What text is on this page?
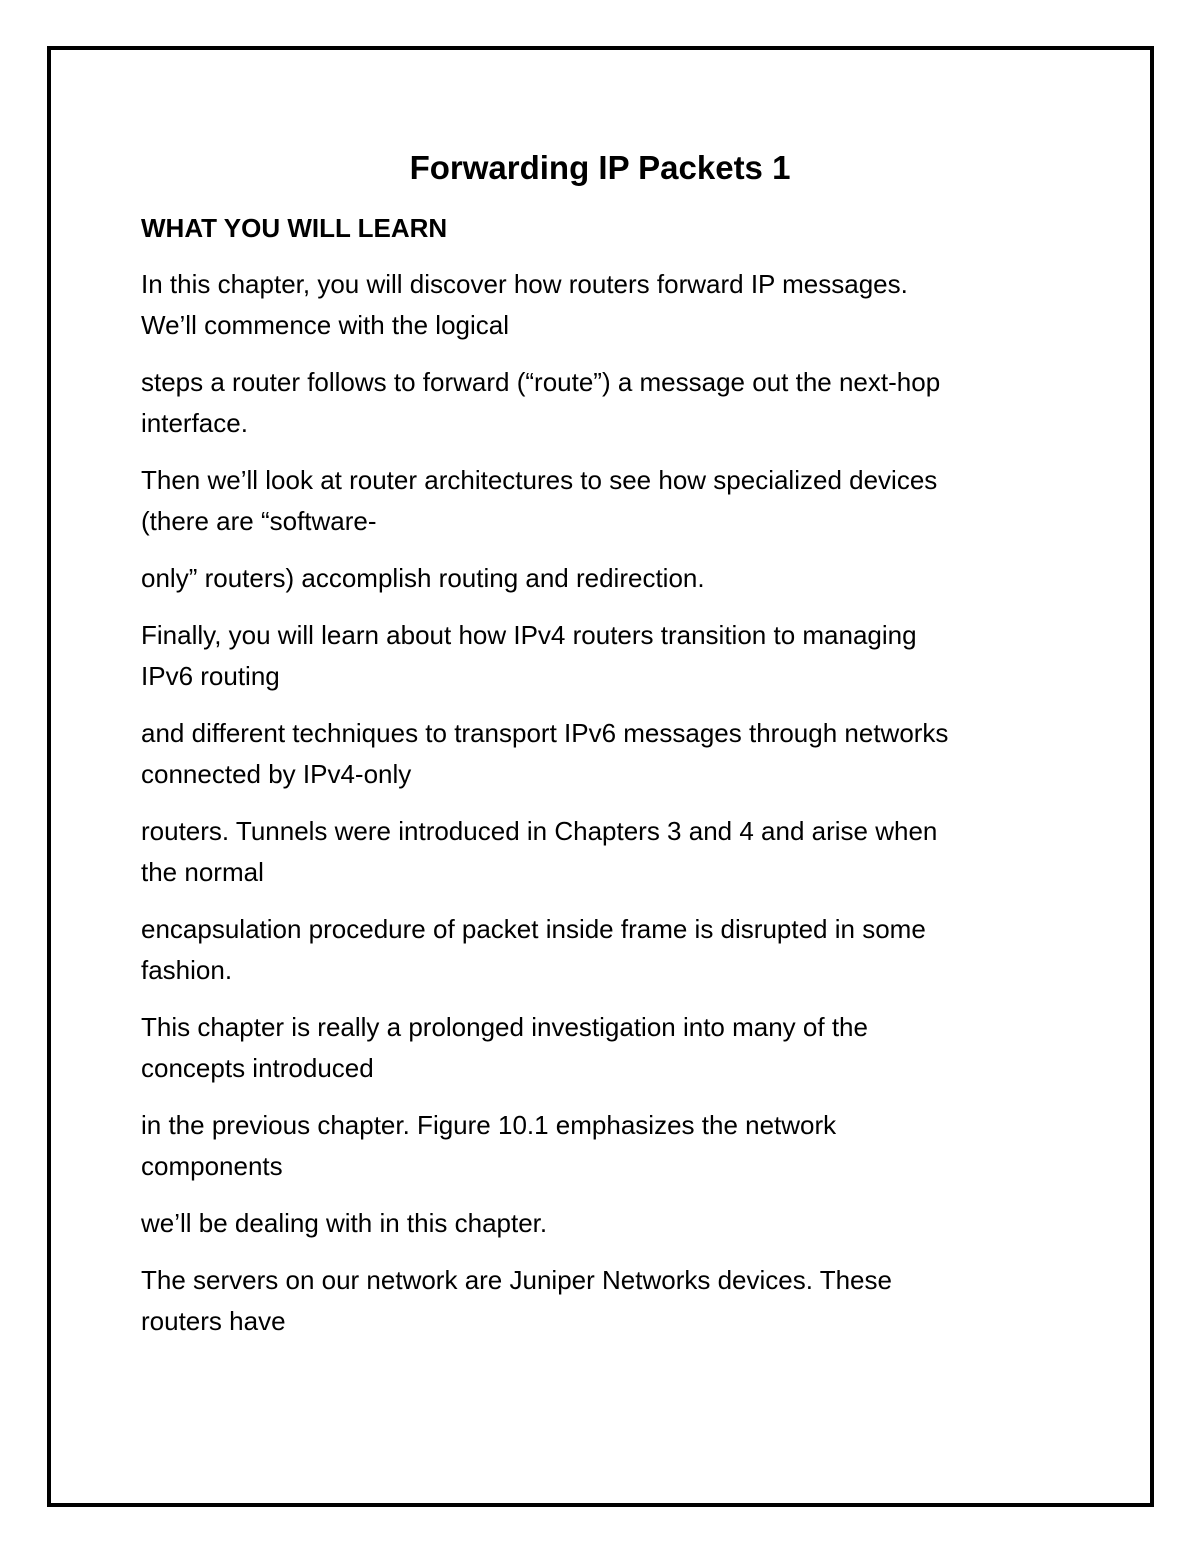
Forwarding IP Packets 1
WHAT YOU WILL LEARN
In this chapter, you will discover how routers forward IP messages.
We’ll commence with the logical
steps a router follows to forward (“route”) a message out the next-hop
interface.
Then we’ll look at router architectures to see how specialized devices
(there are “software-
only” routers) accomplish routing and redirection.
Finally, you will learn about how IPv4 routers transition to managing
IPv6 routing
and different techniques to transport IPv6 messages through networks
connected by IPv4-only
routers. Tunnels were introduced in Chapters 3 and 4 and arise when
the normal
encapsulation procedure of packet inside frame is disrupted in some
fashion.
This chapter is really a prolonged investigation into many of the
concepts introduced
in the previous chapter. Figure 10.1 emphasizes the network
components
we’ll be dealing with in this chapter.
The servers on our network are Juniper Networks devices. These
routers have
